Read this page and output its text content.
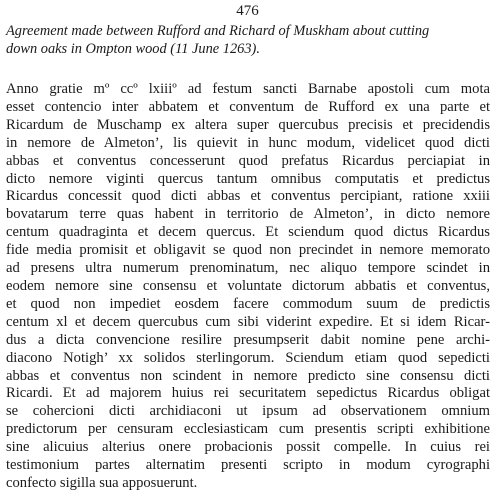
476
Agreement made between Rufford and Richard of Muskham about cutting
down oaks in Ompton wood (11 June 1263).
Anno gratie mº ccº lxiiiº ad festum sancti Barnabe apostoli cum mota
esset contencio inter abbatem et conventum de Rufford ex una parte et
Ricardum de Muschamp ex altera super quercubus precisis et precidendis
in nemore de Almeton’, lis quievit in hunc modum, videlicet quod dicti
abbas et conventus concesserunt quod prefatus Ricardus perciapiat in
dicto nemore viginti quercus tantum omnibus computatis et predictus
Ricardus concessit quod dicti abbas et conventus percipiant, ratione xxiii
bovatarum terre quas habent in territorio de Almeton’, in dicto nemore
centum quadraginta et decem quercus. Et sciendum quod dictus Ricardus
fide media promisit et obligavit se quod non precindet in nemore memorato
ad presens ultra numerum prenominatum, nec aliquo tempore scindet in
eodem nemore sine consensu et voluntate dictorum abbatis et conventus,
et quod non impediet eosdem facere commodum suum de predictis
centum xl et decem quercubus cum sibi viderint expedire. Et si idem Ricar-
dus a dicta convencione resilire presumpserit dabit nomine pene archi-
diacono Notigh’ xx solidos sterlingorum. Sciendum etiam quod sepedicti
abbas et conventus non scindent in nemore predicto sine consensu dicti
Ricardi. Et ad majorem huius rei securitatem sepedictus Ricardus obligat
se cohercioni dicti archidiaconi ut ipsum ad observationem omnium
predictorum per censuram ecclesiasticam cum presentis scripti exhibitione
sine alicuius alterius onere probacionis possit compelle. In cuius rei
testimonium partes alternatim presenti scripto in modum cyrographi
confecto sigilla sua apposuerunt.
